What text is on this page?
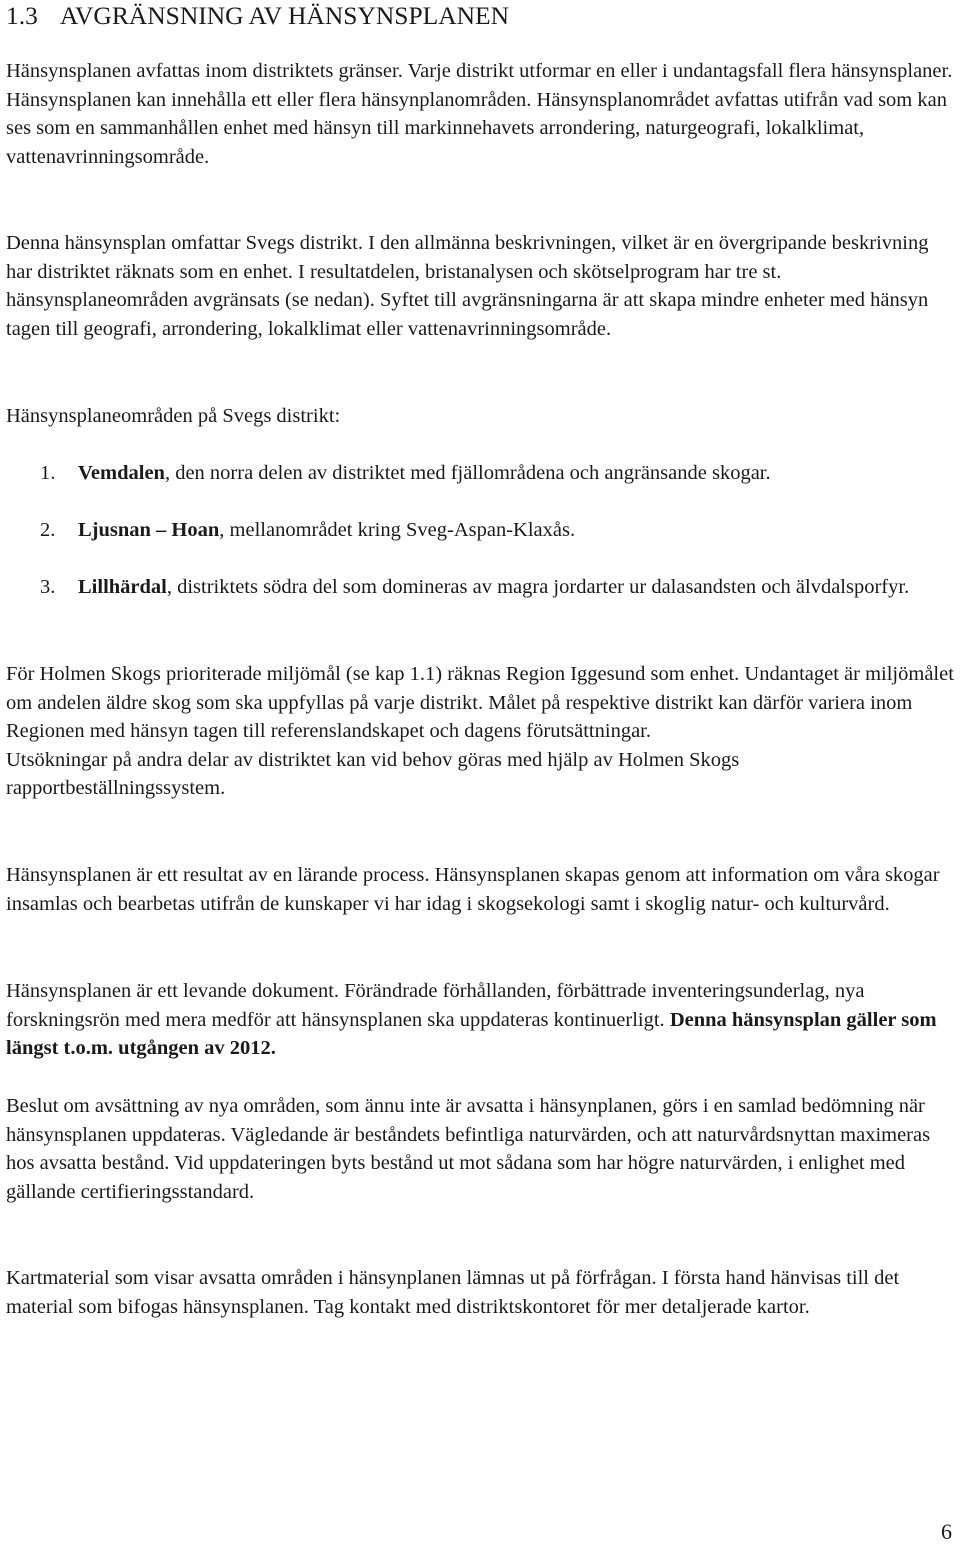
1.3 AVGRÄNSNING AV HÄNSYNSPLANEN

Hänsynsplanen avfattas inom distriktets gränser. Varje distrikt utformar en eller i undantagsfall flera hänsynsplaner. Hänsynsplanen kan innehålla ett eller flera hänsynplanområden. Hänsynsplanområdet avfattas utifrån vad som kan ses som en sammanhållen enhet med hänsyn till markinnehavets arrondering, naturgeografi, lokalklimat, vattenavrinningsområde.

Denna hänsynsplan omfattar Svegs distrikt. I den allmänna beskrivningen, vilket är en övergripande beskrivning har distriktet räknats som en enhet. I resultatdelen, bristanalysen och skötselprogram har tre st. hänsynsplaneområden avgränsats (se nedan). Syftet till avgränsningarna är att skapa mindre enheter med hänsyn tagen till geografi, arrondering, lokalklimat eller vattenavrinningsområde.

Hänsynsplaneområden på Svegs distrikt:

1. Vemdalen, den norra delen av distriktet med fjällområdena och angränsande skogar.
2. Ljusnan – Hoan, mellanområdet kring Sveg-Aspan-Klaxås.
3. Lillhärdal, distriktets södra del som domineras av magra jordarter ur dalasandsten och älvdalsporfyr.

För Holmen Skogs prioriterade miljömål (se kap 1.1) räknas Region Iggesund som enhet. Undantaget är miljömålet om andelen äldre skog som ska uppfyllas på varje distrikt. Målet på respektive distrikt kan därför variera inom Regionen med hänsyn tagen till referenslandskapet och dagens förutsättningar.

Utsökningar på andra delar av distriktet kan vid behov göras med hjälp av Holmen Skogs rapportbeställningssystem.

Hänsynsplanen är ett resultat av en lärande process. Hänsynsplanen skapas genom att information om våra skogar insamlas och bearbetas utifrån de kunskaper vi har idag i skogsekologi samt i skoglig natur- och kulturvård.

Hänsynsplanen är ett levande dokument. Förändrade förhållanden, förbättrade inventeringsunderlag, nya forskningsrön med mera medför att hänsynsplanen ska uppdateras kontinuerligt. Denna hänsynsplan gäller som längst t.o.m. utgången av 2012.

Beslut om avsättning av nya områden, som ännu inte är avsatta i hänsynplanen, görs i en samlad bedömning när hänsynsplanen uppdateras. Vägledande är beståndets befintliga naturvärden, och att naturvårdsnyttan maximeras hos avsatta bestånd. Vid uppdateringen byts bestånd ut mot sådana som har högre naturvärden, i enlighet med gällande certifieringsstandard.

Kartmaterial som visar avsatta områden i hänsynplanen lämnas ut på förfrågan. I första hand hänvisas till det material som bifogas hänsynsplanen. Tag kontakt med distriktskontoret för mer detaljerade kartor.

6
